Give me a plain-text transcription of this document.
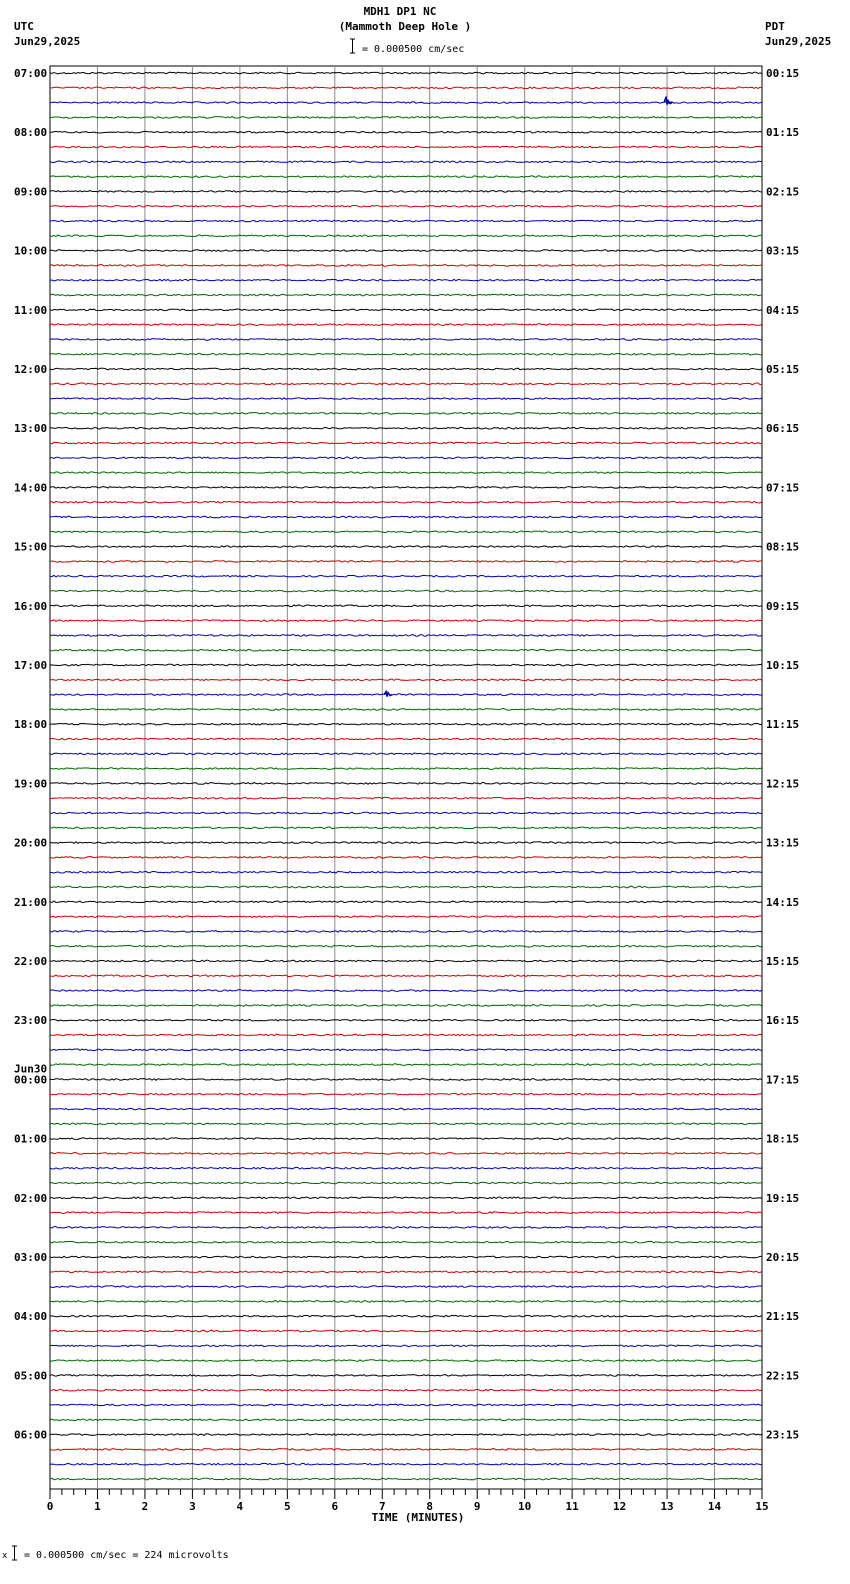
MDH1 DP1 NC
(Mammoth Deep Hole )
UTC
Jun29,2025
PDT
Jun29,2025
= 0.000500 cm/sec
07:00
08:00
09:00
10:00
11:00
12:00
13:00
14:00
15:00
16:00
17:00
18:00
19:00
20:00
21:00
22:00
23:00
00:00
01:00
02:00
03:00
04:00
05:00
06:00
00:15
01:15
02:15
03:15
04:15
05:15
06:15
07:15
08:15
09:15
10:15
11:15
12:15
13:15
14:15
15:15
16:15
17:15
18:15
19:15
20:15
21:15
22:15
23:15
Jun30
0	1	2	3	4	5	6	7	8	9	10	11	12	13	14	15
TIME (MINUTES)
x = 0.000500 cm/sec = 224 microvolts
